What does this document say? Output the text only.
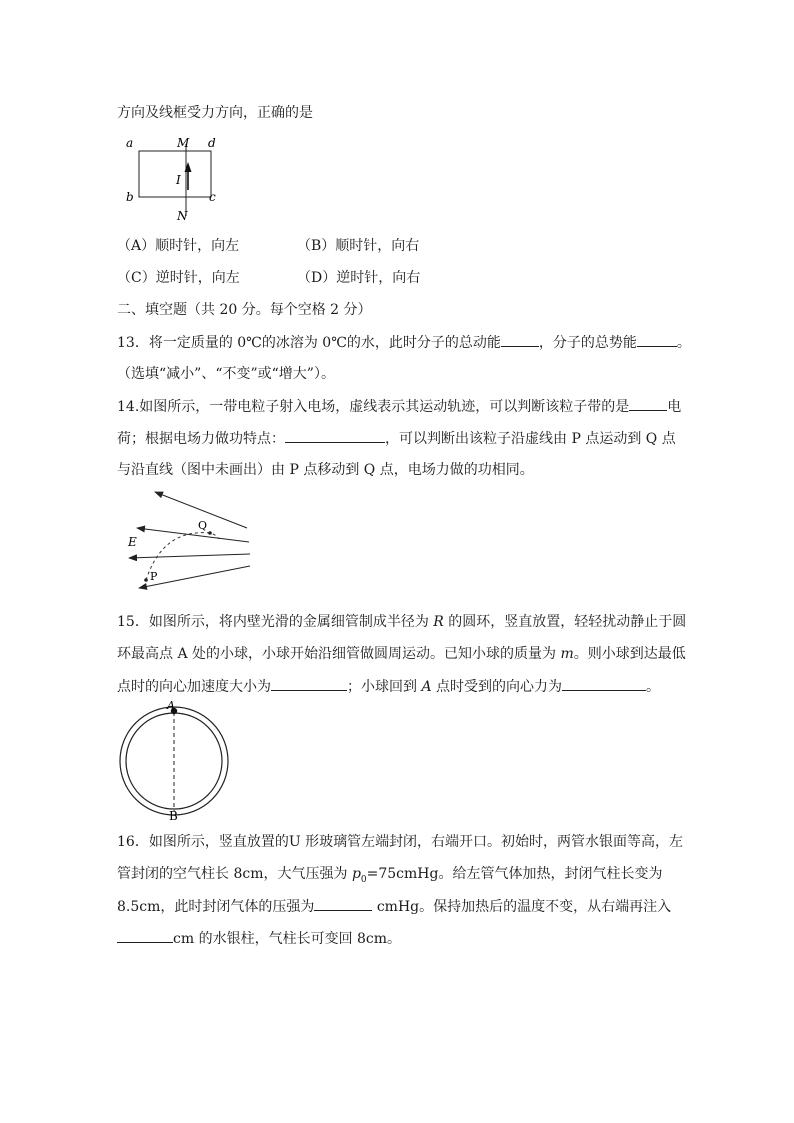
方向及线框受力方向，正确的是
a
b	c
d
M
N
I
（A）顺时针，向左	（B）顺时针，向右
（C）逆时针，向左	（D）逆时针，向右
二、填空题（共 20 分。每个空格 2 分）
13．将一定质量的 0℃的冰溶为 0℃的水，此时分子的总动能	，分子的总势能	。
（选填“减小”、“不变”或“增大”）。
14.如图所示，一带电粒子射入电场，虚线表示其运动轨迹，可以判断该粒子带的是	电
荷；根据电场力做功特点：	，可以判断出该粒子沿虚线由 P 点运动到 Q 点
与沿直线（图中未画出）由 P 点移动到 Q 点，电场力做的功相同。
Q
P
E
15．如图所示，将内壁光滑的金属细管制成半径为 R 的圆环，竖直放置，轻轻扰动静止于圆
环最高点 A 处的小球，小球开始沿细管做圆周运动。已知小球的质量为 m。则小球到达最低
点时的向心加速度大小为	；小球回到 A 点时受到的向心力为	。
A
B
16．如图所示，竖直放置的U 形玻璃管左端封闭，右端开口。初始时，两管水银面等高，左
管封闭的空气柱长 8cm，大气压强为 $p_0=75cmHg$。给左管气体加热，封闭气柱长变为
8.5cm，此时封闭气体的压强为	cmHg。保持加热后的温度不变，从右端再注入
cm 的水银柱，气柱长可变回 8cm。
